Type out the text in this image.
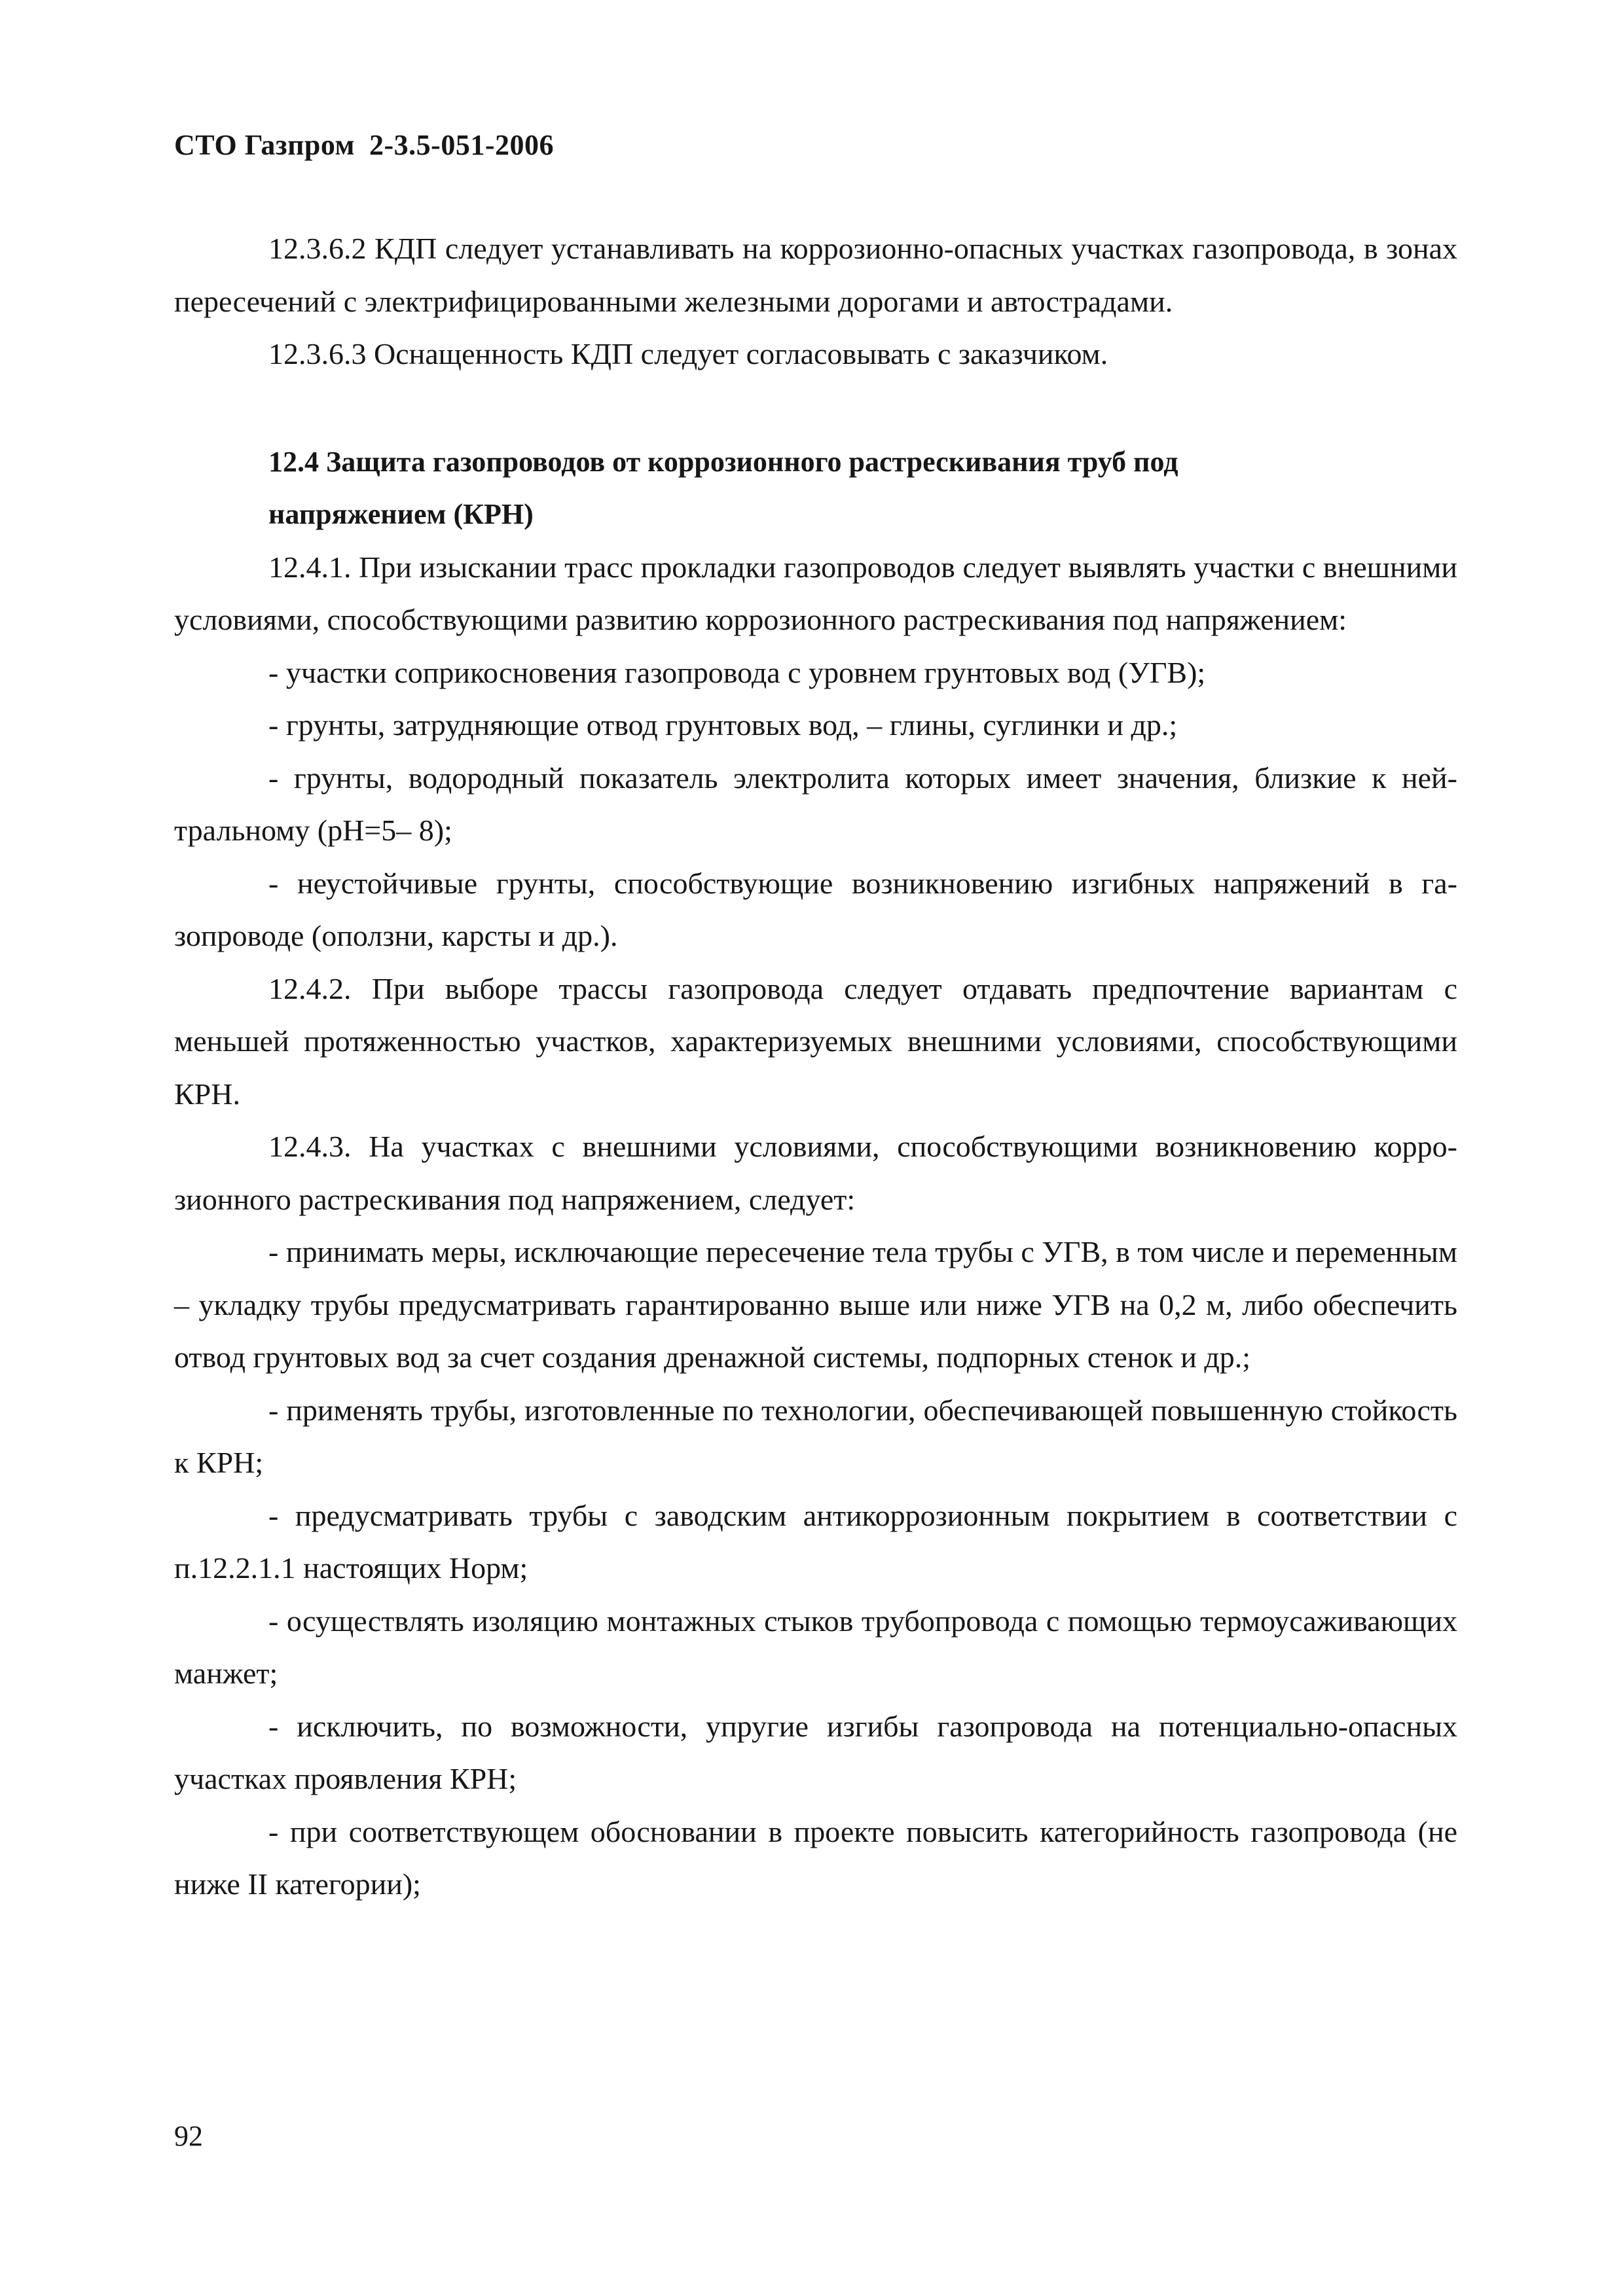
СТО Газпром 2-3.5-051-2006

12.3.6.2 КДП следует устанавливать на коррозионно-опасных участках газопровода, в зонах пересечений с электрифицированными железными дорогами и автострадами.

12.3.6.3 Оснащенность КДП следует согласовывать с заказчиком.

12.4 Защита газопроводов от коррозионного растрескивания труб под
напряжением (КРН)

12.4.1. При изыскании трасс прокладки газопроводов следует выявлять участки с внешними условиями, способствующими развитию коррозионного растрескивания под напряжением:

- участки соприкосновения газопровода с уровнем грунтовых вод (УГВ);

- грунты, затрудняющие отвод грунтовых вод, – глины, суглинки и др.;

- грунты, водородный показатель электролита которых имеет значения, близкие к нейтральному (pH=5– 8);

- неустойчивые грунты, способствующие возникновению изгибных напряжений в газопроводе (оползни, карсты и др.).

12.4.2. При выборе трассы газопровода следует отдавать предпочтение вариантам с меньшей протяженностью участков, характеризуемых внешними условиями, способствующими КРН.

12.4.3. На участках с внешними условиями, способствующими возникновению коррозионного растрескивания под напряжением, следует:

- принимать меры, исключающие пересечение тела трубы с УГВ, в том числе и переменным – укладку трубы предусматривать гарантированно выше или ниже УГВ на 0,2 м, либо обеспечить отвод грунтовых вод за счет создания дренажной системы, подпорных стенок и др.;

- применять трубы, изготовленные по технологии, обеспечивающей повышенную стойкость к КРН;

- предусматривать трубы с заводским антикоррозионным покрытием в соответствии с п.12.2.1.1 настоящих Норм;

- осуществлять изоляцию монтажных стыков трубопровода с помощью термоусаживающих манжет;

- исключить, по возможности, упругие изгибы газопровода на потенциально-опасных участках проявления КРН;

- при соответствующем обосновании в проекте повысить категорийность газопровода (не ниже II категории);

92
